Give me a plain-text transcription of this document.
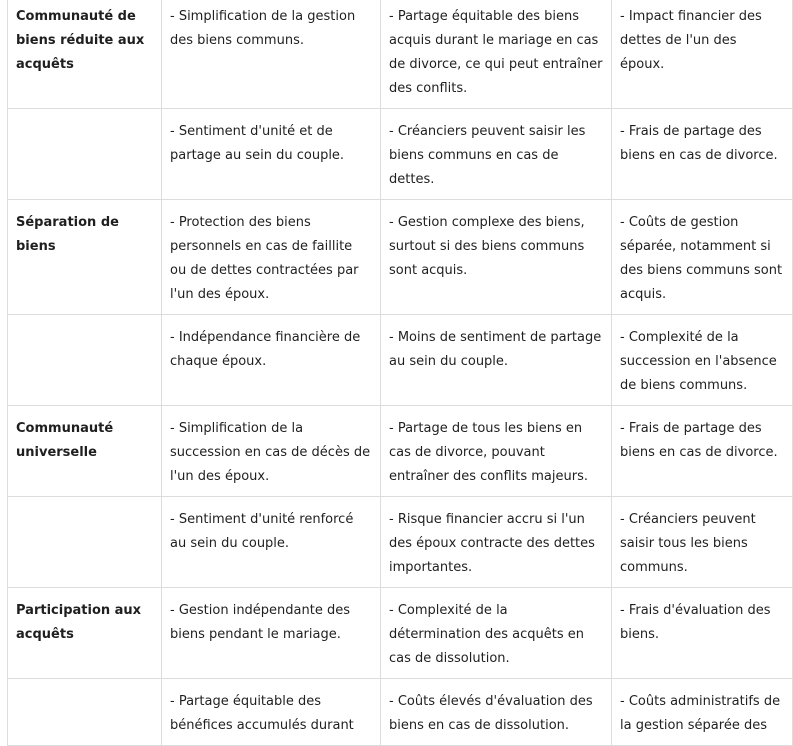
Communauté de biens réduite aux acquêts	- Simplification de la gestion des biens communs.	- Partage équitable des biens acquis durant le mariage en cas de divorce, ce qui peut entraîner des conflits.	- Impact financier des dettes de l'un des époux.
	- Sentiment d'unité et de partage au sein du couple.	- Créanciers peuvent saisir les biens communs en cas de dettes.	- Frais de partage des biens en cas de divorce.
Séparation de biens	- Protection des biens personnels en cas de faillite ou de dettes contractées par l'un des époux.	- Gestion complexe des biens, surtout si des biens communs sont acquis.	- Coûts de gestion séparée, notamment si des biens communs sont acquis.
	- Indépendance financière de chaque époux.	- Moins de sentiment de partage au sein du couple.	- Complexité de la succession en l'absence de biens communs.
Communauté universelle	- Simplification de la succession en cas de décès de l'un des époux.	- Partage de tous les biens en cas de divorce, pouvant entraîner des conflits majeurs.	- Frais de partage des biens en cas de divorce.
	- Sentiment d'unité renforcé au sein du couple.	- Risque financier accru si l'un des époux contracte des dettes importantes.	- Créanciers peuvent saisir tous les biens communs.
Participation aux acquêts	- Gestion indépendante des biens pendant le mariage.	- Complexité de la détermination des acquêts en cas de dissolution.	- Frais d'évaluation des biens.
	- Partage équitable des bénéfices accumulés durant	- Coûts élevés d'évaluation des biens en cas de dissolution.	- Coûts administratifs de la gestion séparée des
